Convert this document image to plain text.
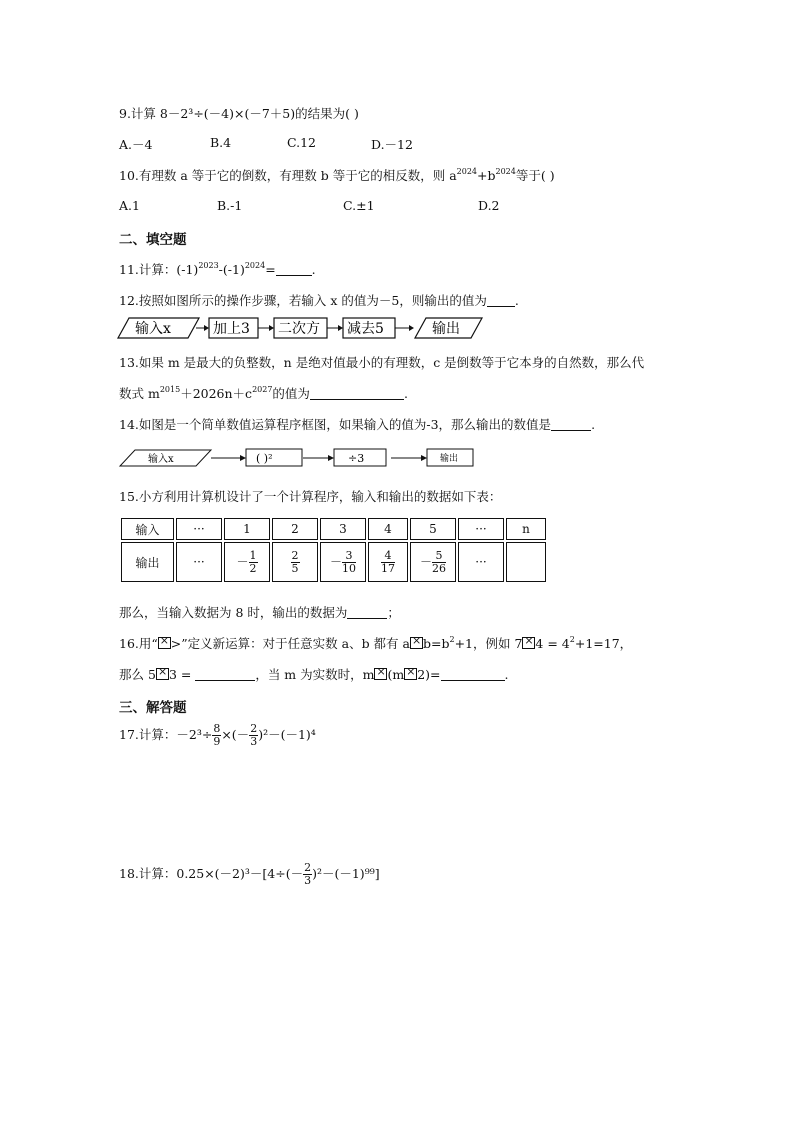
9.计算 8－2³÷(－4)×(－7＋5)的结果为( )
A.－4	B.4	C.12	D.－12
10.有理数 a 等于它的倒数，有理数 b 等于它的相反数，则 $a^{2024}+b^{2024}$等于( )
A.1	B.-1	C.±1	D.2
二、填空题
11.计算：$(-1)^{2023}-(-1)^{2024}=$	.
12.按照如图所示的操作步骤，若输入 x 的值为－5，则输出的值为 .
输入x	加上3 二次方 减去5	输出
13.如果 m 是最大的负整数，n 是绝对值最小的有理数，c 是倒数等于它本身的自然数，那么代
数式 $m^{2015}+2026n+c^{2027}$的值为	.
14.如图是一个简单数值运算程序框图，如果输入的值为-3，那么输出的数值是	.
输入x	( )²	÷3	输出
15.小方利用计算机设计了一个计算程序，输入和输出的数据如下表：
输入	···	1	2	3	4	5	···	n
输出	···	－ $\frac{1}{2}$	$\frac{2}{5}$	－ $\frac{3}{10}$	$\frac{4}{17}$	－ $\frac{5}{26}$	···	
那么，当输入数据为 8 时，输出的数据为	；
16.用“ × >”定义新运算：对于任意实数 a、b 都有 $a \times b=b^2+1$，例如 $7 \times 4 = 4^2+1=17$，
那么 5 × 3 =	，当 m 为实数时，m × (m × 2)=	.
三、解答题
17.计算：$-2^3\div \frac{8}{9}$ ×(－ $\frac{2}{3} )^2-(-1)^4$
18.计算：$0.25\times(-2)^3-[4\div(- \frac{2}{3} )^2-(-1)^{99}]$
